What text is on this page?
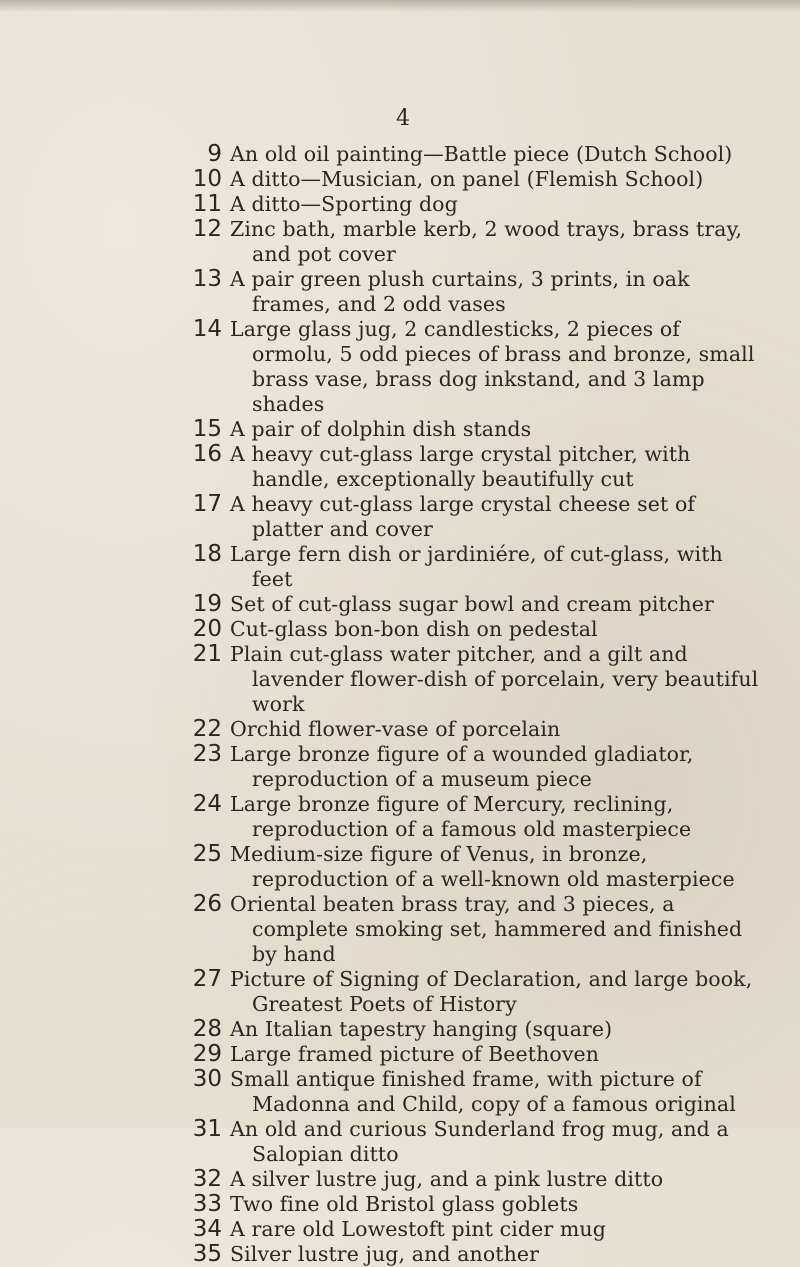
4
9 An old oil painting—Battle piece (Dutch School)
10 A ditto—Musician, on panel (Flemish School)
11 A ditto—Sporting dog
12 Zinc bath, marble kerb, 2 wood trays, brass tray, and pot cover
13 A pair green plush curtains, 3 prints, in oak frames, and 2 odd vases
14 Large glass jug, 2 candlesticks, 2 pieces of ormolu, 5 odd pieces of brass and bronze, small brass vase, brass dog inkstand, and 3 lamp shades
15 A pair of dolphin dish stands
16 A heavy cut-glass large crystal pitcher, with handle, exceptionally beautifully cut
17 A heavy cut-glass large crystal cheese set of platter and cover
18 Large fern dish or jardiniére, of cut-glass, with feet
19 Set of cut-glass sugar bowl and cream pitcher
20 Cut-glass bon-bon dish on pedestal
21 Plain cut-glass water pitcher, and a gilt and lavender flower-dish of porcelain, very beautiful work
22 Orchid flower-vase of porcelain
23 Large bronze figure of a wounded gladiator, reproduction of a museum piece
24 Large bronze figure of Mercury, reclining, reproduction of a famous old masterpiece
25 Medium-size figure of Venus, in bronze, reproduction of a well-known old masterpiece
26 Oriental beaten brass tray, and 3 pieces, a complete smoking set, hammered and finished by hand
27 Picture of Signing of Declaration, and large book, Greatest Poets of History
28 An Italian tapestry hanging (square)
29 Large framed picture of Beethoven
30 Small antique finished frame, with picture of Madonna and Child, copy of a famous original
31 An old and curious Sunderland frog mug, and a Salopian ditto
32 A silver lustre jug, and a pink lustre ditto
33 Two fine old Bristol glass goblets
34 A rare old Lowestoft pint cider mug
35 Silver lustre jug, and another
